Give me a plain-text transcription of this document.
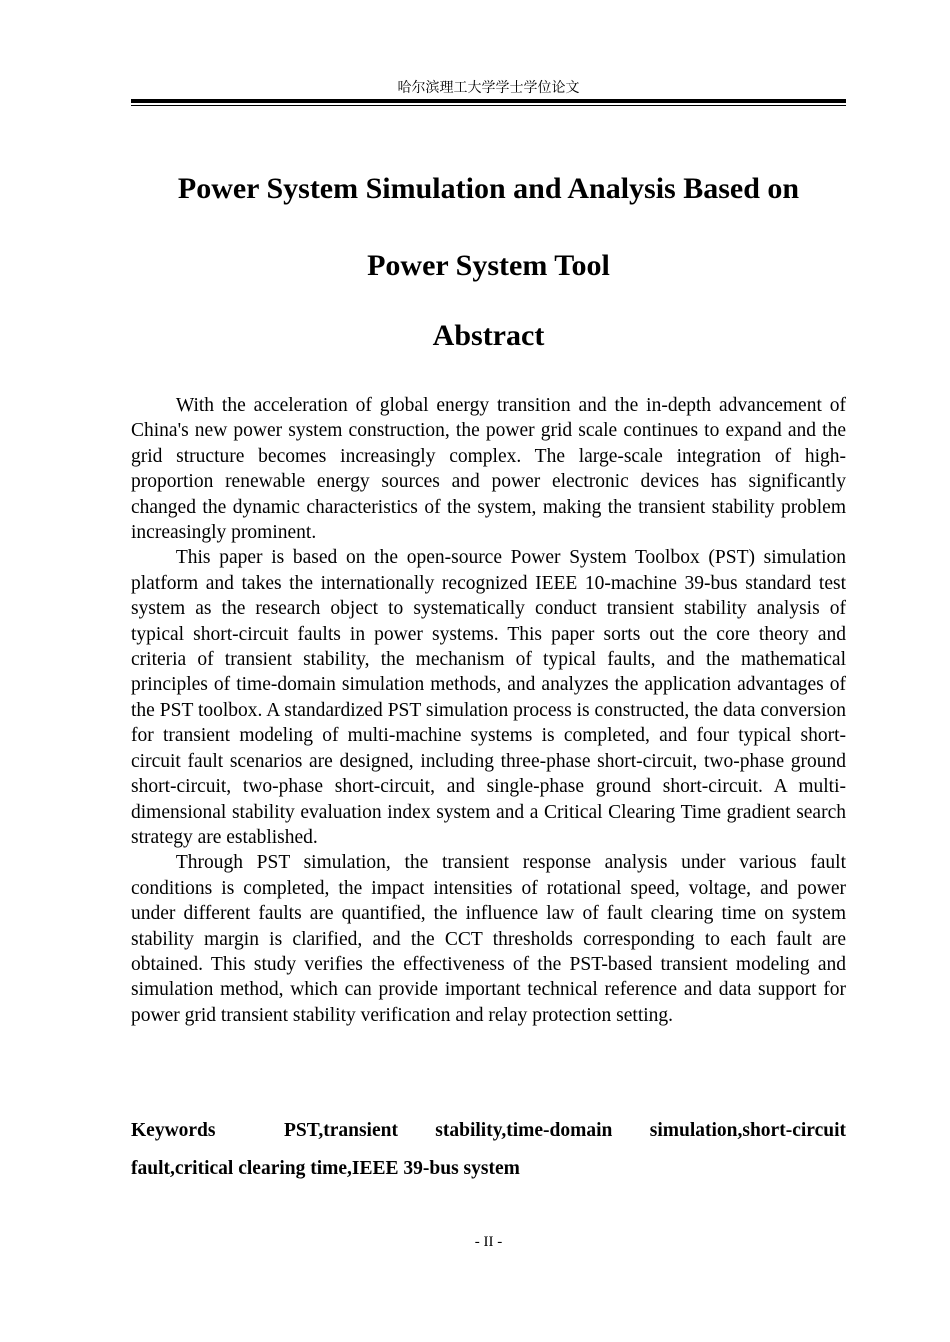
哈尔滨理工大学学士学位论文
Power System Simulation and Analysis Based on
Power System Tool
Abstract

With the acceleration of global energy transition and the in-depth advancement of China's new power system construction, the power grid scale continues to expand and the grid structure becomes increasingly complex. The large-scale integration of high-proportion renewable energy sources and power electronic devices has significantly changed the dynamic characteristics of the system, making the transient stability problem increasingly prominent.

This paper is based on the open-source Power System Toolbox (PST) simulation platform and takes the internationally recognized IEEE 10-machine 39-bus standard test system as the research object to systematically conduct transient stability analysis of typical short-circuit faults in power systems. This paper sorts out the core theory and criteria of transient stability, the mechanism of typical faults, and the mathematical principles of time-domain simulation methods, and analyzes the application advantages of the PST toolbox. A standardized PST simulation process is constructed, the data conversion for transient modeling of multi-machine systems is completed, and four typical short-circuit fault scenarios are designed, including three-phase short-circuit, two-phase ground short-circuit, two-phase short-circuit, and single-phase ground short-circuit. A multi-dimensional stability evaluation index system and a Critical Clearing Time gradient search strategy are established.

Through PST simulation, the transient response analysis under various fault conditions is completed, the impact intensities of rotational speed, voltage, and power under different faults are quantified, the influence law of fault clearing time on system stability margin is clarified, and the CCT thresholds corresponding to each fault are obtained. This study verifies the effectiveness of the PST-based transient modeling and simulation method, which can provide important technical reference and data support for power grid transient stability verification and relay protection setting.

Keywords	PST,transient stability,time-domain simulation,short-circuit fault,critical clearing time,IEEE 39-bus system
- II -
